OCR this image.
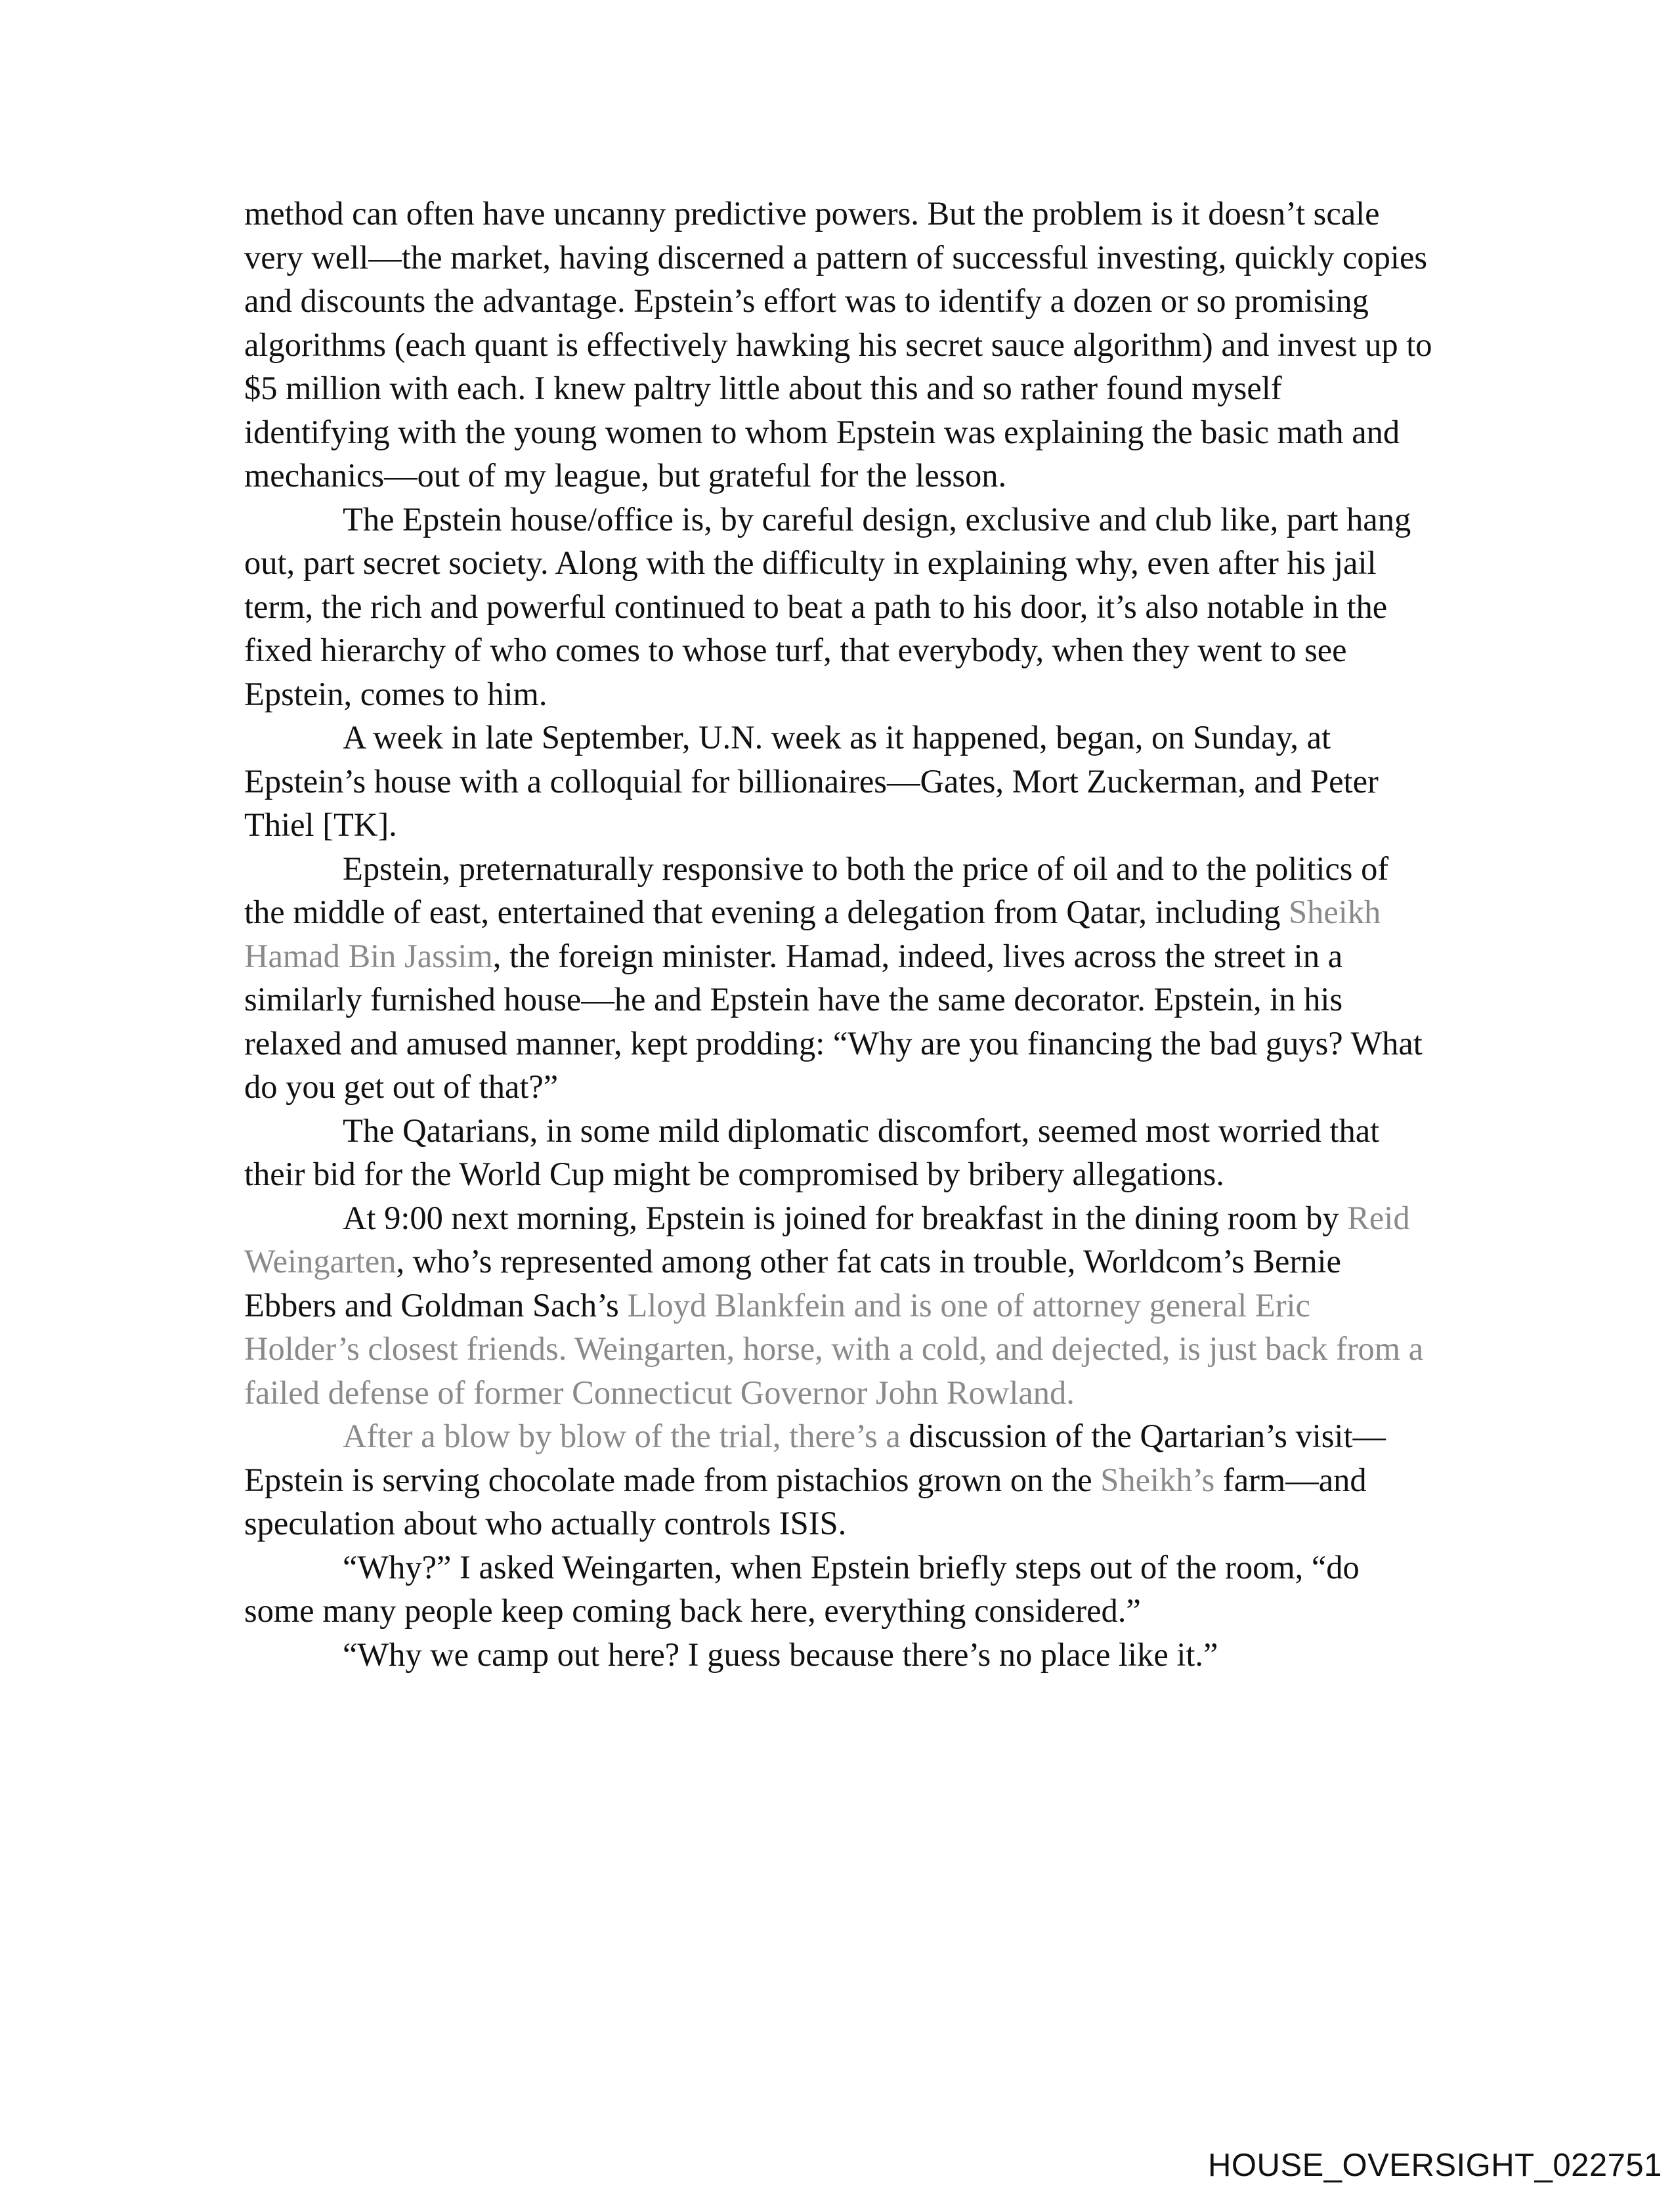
method can often have uncanny predictive powers. But the problem is it doesn’t scale very well—the market, having discerned a pattern of successful investing, quickly copies and discounts the advantage. Epstein’s effort was to identify a dozen or so promising algorithms (each quant is effectively hawking his secret sauce algorithm) and invest up to $5 million with each. I knew paltry little about this and so rather found myself identifying with the young women to whom Epstein was explaining the basic math and mechanics—out of my league, but grateful for the lesson.

The Epstein house/office is, by careful design, exclusive and club like, part hang out, part secret society. Along with the difficulty in explaining why, even after his jail term, the rich and powerful continued to beat a path to his door, it’s also notable in the fixed hierarchy of who comes to whose turf, that everybody, when they went to see Epstein, comes to him.

A week in late September, U.N. week as it happened, began, on Sunday, at Epstein’s house with a colloquial for billionaires—Gates, Mort Zuckerman, and Peter Thiel [TK].

Epstein, preternaturally responsive to both the price of oil and to the politics of the middle of east, entertained that evening a delegation from Qatar, including Sheikh Hamad Bin Jassim, the foreign minister. Hamad, indeed, lives across the street in a similarly furnished house—he and Epstein have the same decorator. Epstein, in his relaxed and amused manner, kept prodding: “Why are you financing the bad guys? What do you get out of that?”

The Qatarians, in some mild diplomatic discomfort, seemed most worried that their bid for the World Cup might be compromised by bribery allegations.

At 9:00 next morning, Epstein is joined for breakfast in the dining room by Reid Weingarten, who’s represented among other fat cats in trouble, Worldcom’s Bernie Ebbers and Goldman Sach’s Lloyd Blankfein and is one of attorney general Eric Holder’s closest friends. Weingarten, horse, with a cold, and dejected, is just back from a failed defense of former Connecticut Governor John Rowland.

After a blow by blow of the trial, there’s a discussion of the Qartarian’s visit—Epstein is serving chocolate made from pistachios grown on the Sheikh’s farm—and speculation about who actually controls ISIS.

“Why?” I asked Weingarten, when Epstein briefly steps out of the room, “do some many people keep coming back here, everything considered.”

“Why we camp out here? I guess because there’s no place like it.”

HOUSE_OVERSIGHT_022751
